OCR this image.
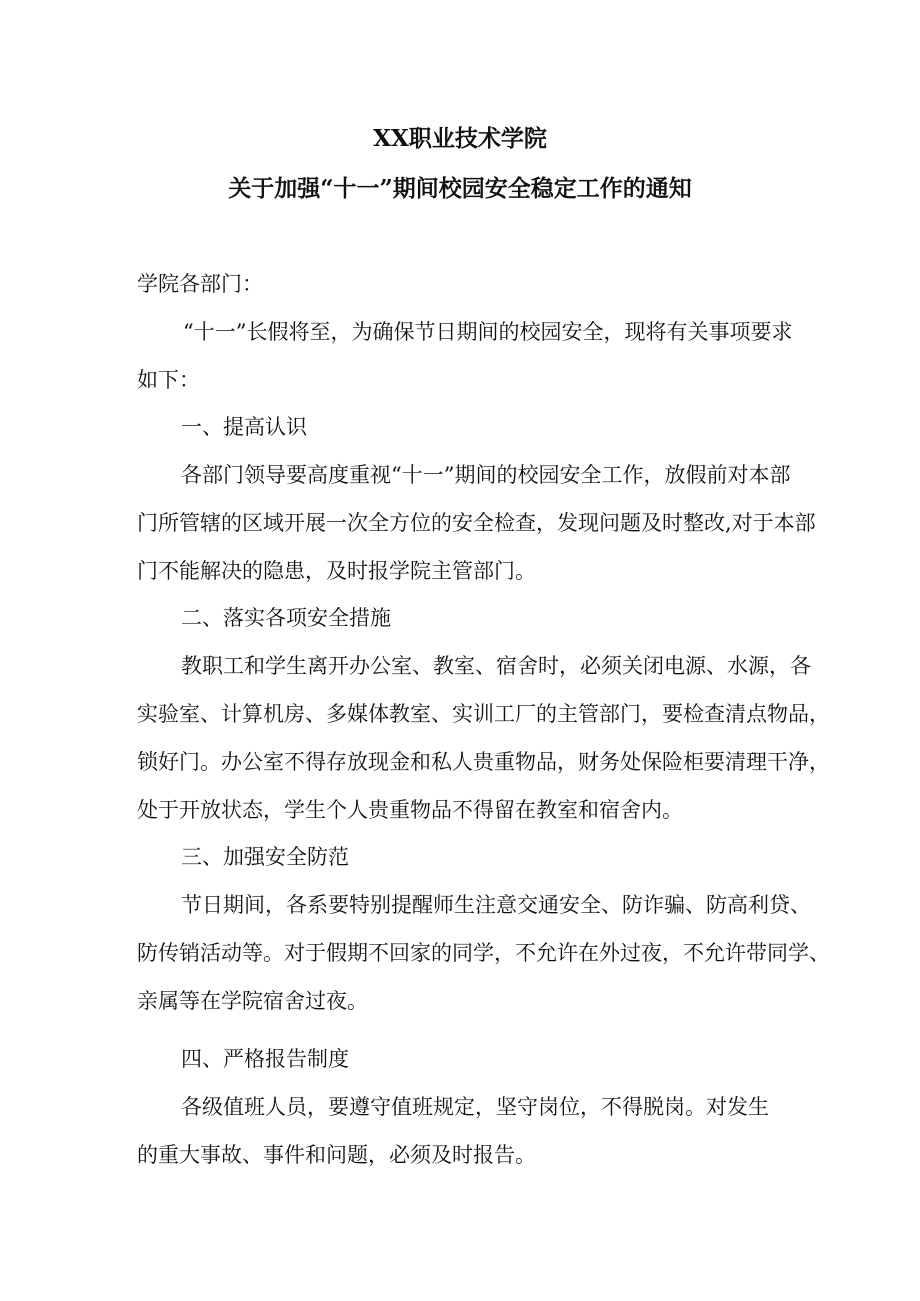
XX职业技术学院
关于加强“十一”期间校园安全稳定工作的通知

学院各部门：

“十一”长假将至，为确保节日期间的校园安全，现将有关事项要求

如下：

一、提高认识

各部门领导要高度重视“十一”期间的校园安全工作，放假前对本部

门所管辖的区域开展一次全方位的安全检查，发现问题及时整改,对于本部

门不能解决的隐患，及时报学院主管部门。

二、落实各项安全措施

教职工和学生离开办公室、教室、宿舍时，必须关闭电源、水源，各

实验室、计算机房、多媒体教室、实训工厂的主管部门，要检查清点物品，

锁好门。办公室不得存放现金和私人贵重物品，财务处保险柜要清理干净，

处于开放状态，学生个人贵重物品不得留在教室和宿舍内。

三、加强安全防范

节日期间，各系要特别提醒师生注意交通安全、防诈骗、防高利贷、

防传销活动等。对于假期不回家的同学，不允许在外过夜，不允许带同学、

亲属等在学院宿舍过夜。

四、严格报告制度

各级值班人员，要遵守值班规定，坚守岗位，不得脱岗。对发生

的重大事故、事件和问题，必须及时报告。
